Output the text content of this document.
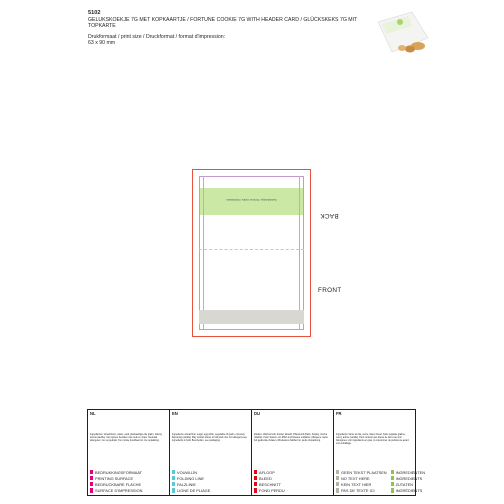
5102
GELUKSKOEKJE 7G MET KOPKAARTJE / FORTUNE COOKIE 7G WITH HEADER CARD / GLÜCKSKEKS 7G MIT TOPKARTE
Drukformaat / print size / Druckformat / format d'impression:
63 x 90 mm
Gelukskoekje / Fortune cookie / Glückskeks
BACK
FRONT
NL
Ingrediënten: tarwebloem, suiker, eiwit, plantaardige olie (palm, kokos), aroma (vanille). Kan sporen bevatten van melk en noten. Neutraal allergenen: zie vet gedrukt. Ten minste houdbaar tot: zie verpakking.
BEDRUKKINGSFORMAAT
PRINTING SURFACE
BEDRUCKBARE FLÄCHE
SURFACE D'IMPRESSION
EN
Ingredients: wheat flour, sugar, egg white, vegetable oil (palm, coconut), flavouring (vanilla). May contain traces of milk and nuts. For allergens see ingredients in bold. Best before: see packaging.
VOUWLIJN
FOLDING LINE
FALZLINIE
LIGNE DE PLIAGE
DU
Zutaten: Weizenmehl, Zucker, Eiweiß, Pflanzenöl (Palm, Kokos), Aroma (Vanille). Kann Spuren von Milch und Nüssen enthalten. Allergene: siehe fett gedruckte Zutaten. Mindestens haltbar bis: siehe Verpackung.
AFLOOP
BLEED
BESCHNITT
FOND PERDU
FR
Ingrédients: farine de blé, sucre, blanc d'oeuf, huile végétale (palme, coco), arôme (vanille). Peut contenir des traces de lait et de noix. Allergènes: voir ingrédients en gras. À consommer de préférence avant: voir emballage.
GEEN TEKST PLAATSEN
NO TEXT HERE
KEIN TEXT HIER
PAS DE TEXTE ICI
INGREDIËNTEN
INGREDIENTS
ZUTATEN
INGRÉDIENTS
